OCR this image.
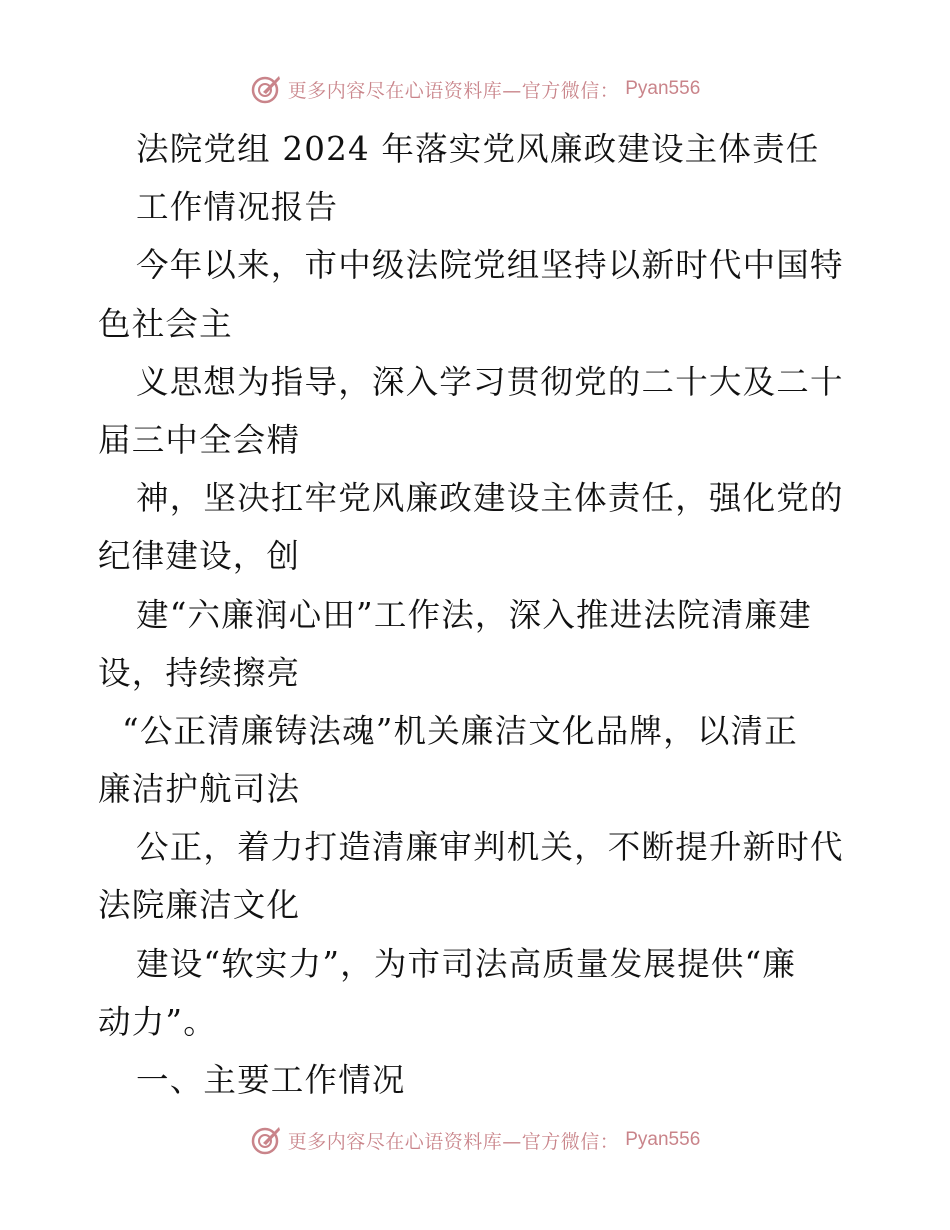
更多内容尽在心语资料库—官方微信： Pyan556
法院党组 2024 年落实党风廉政建设主体责任
工作情况报告
今年以来，市中级法院党组坚持以新时代中国特
色社会主
义思想为指导，深入学习贯彻党的二十大及二十
届三中全会精
神，坚决扛牢党风廉政建设主体责任，强化党的
纪律建设，创
建“六廉润心田”工作法，深入推进法院清廉建
设，持续擦亮
“公正清廉铸法魂”机关廉洁文化品牌，以清正
廉洁护航司法
公正，着力打造清廉审判机关，不断提升新时代
法院廉洁文化
建设“软实力”，为市司法高质量发展提供“廉
动力”。
一、主要工作情况
更多内容尽在心语资料库—官方微信： Pyan556
